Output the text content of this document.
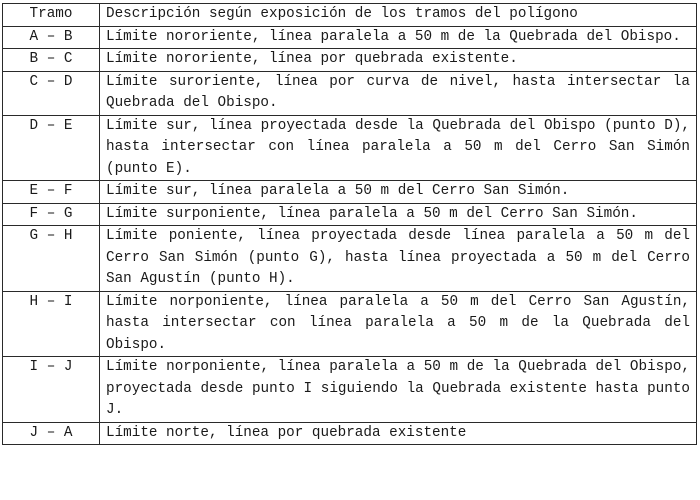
Tramo	Descripción según exposición de los tramos del polígono
A – B	Límite nororiente, línea paralela a 50 m de la Quebrada del Obispo.
B – C	Límite nororiente, línea por quebrada existente.
C – D	Límite suroriente, línea por curva de nivel, hasta intersectar la Quebrada del Obispo.
D – E	Límite sur, línea proyectada desde la Quebrada del Obispo (punto D), hasta intersectar con línea paralela a 50 m del Cerro San Simón (punto E).
E – F	Límite sur, línea paralela a 50 m del Cerro San Simón.
F – G	Límite surponiente, línea paralela a 50 m del Cerro San Simón.
G – H	Límite poniente, línea proyectada desde línea paralela a 50 m del Cerro San Simón (punto G), hasta línea proyectada a 50 m del Cerro San Agustín (punto H).
H – I	Límite norponiente, línea paralela a 50 m del Cerro San Agustín, hasta intersectar con línea paralela a 50 m de la Quebrada del Obispo.
I – J	Límite norponiente, línea paralela a 50 m de la Quebrada del Obispo, proyectada desde punto I siguiendo la Quebrada existente hasta punto J.
J – A	Límite norte, línea por quebrada existente
